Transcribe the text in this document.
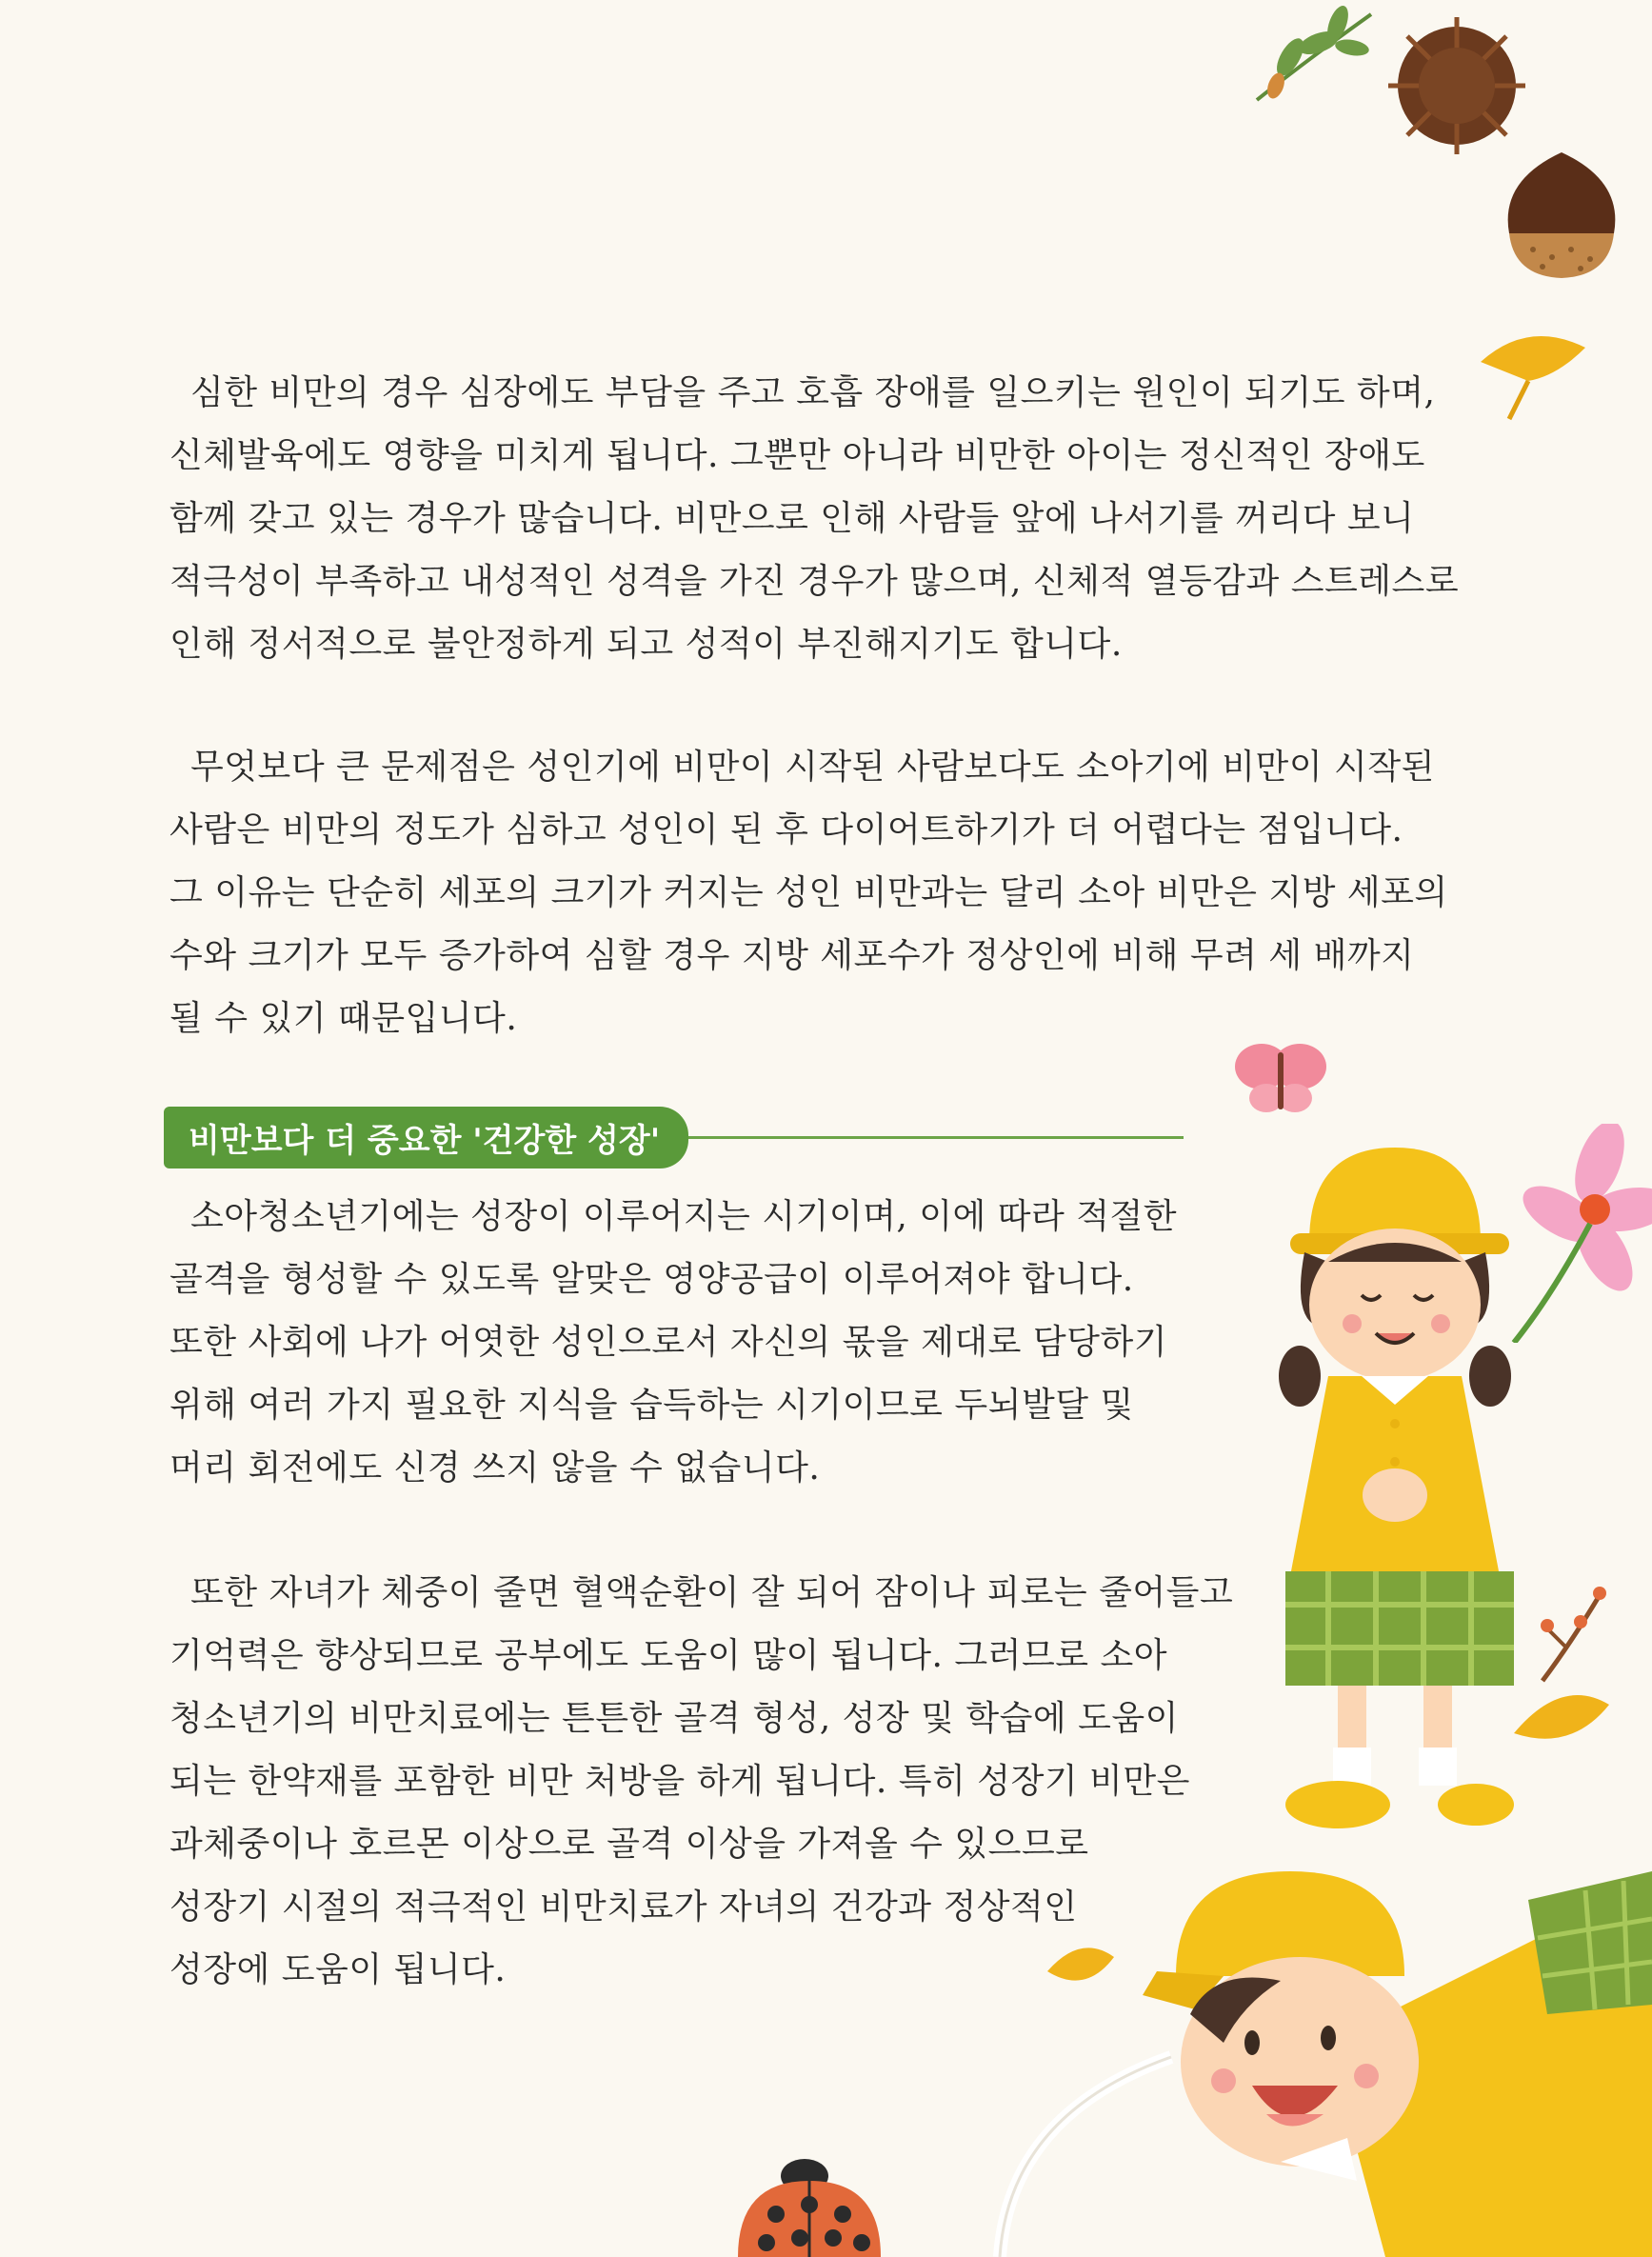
심한 비만의 경우 심장에도 부담을 주고 호흡 장애를 일으키는 원인이 되기도 하며,
신체발육에도 영향을 미치게 됩니다. 그뿐만 아니라 비만한 아이는 정신적인 장애도
함께 갖고 있는 경우가 많습니다. 비만으로 인해 사람들 앞에 나서기를 꺼리다 보니
적극성이 부족하고 내성적인 성격을 가진 경우가 많으며, 신체적 열등감과 스트레스로
인해 정서적으로 불안정하게 되고 성적이 부진해지기도 합니다.

무엇보다 큰 문제점은 성인기에 비만이 시작된 사람보다도 소아기에 비만이 시작된
사람은 비만의 정도가 심하고 성인이 된 후 다이어트하기가 더 어렵다는 점입니다.
그 이유는 단순히 세포의 크기가 커지는 성인 비만과는 달리 소아 비만은 지방 세포의
수와 크기가 모두 증가하여 심할 경우 지방 세포수가 정상인에 비해 무려 세 배까지
될 수 있기 때문입니다.

비만보다 더 중요한 '건강한 성장'

소아청소년기에는 성장이 이루어지는 시기이며, 이에 따라 적절한
골격을 형성할 수 있도록 알맞은 영양공급이 이루어져야 합니다.
또한 사회에 나가 어엿한 성인으로서 자신의 몫을 제대로 담당하기
위해 여러 가지 필요한 지식을 습득하는 시기이므로 두뇌발달 및
머리 회전에도 신경 쓰지 않을 수 없습니다.

또한 자녀가 체중이 줄면 혈액순환이 잘 되어 잠이나 피로는 줄어들고
기억력은 향상되므로 공부에도 도움이 많이 됩니다. 그러므로 소아
청소년기의 비만치료에는 튼튼한 골격 형성, 성장 및 학습에 도움이
되는 한약재를 포함한 비만 처방을 하게 됩니다. 특히 성장기 비만은
과체중이나 호르몬 이상으로 골격 이상을 가져올 수 있으므로
성장기 시절의 적극적인 비만치료가 자녀의 건강과 정상적인
성장에 도움이 됩니다.
